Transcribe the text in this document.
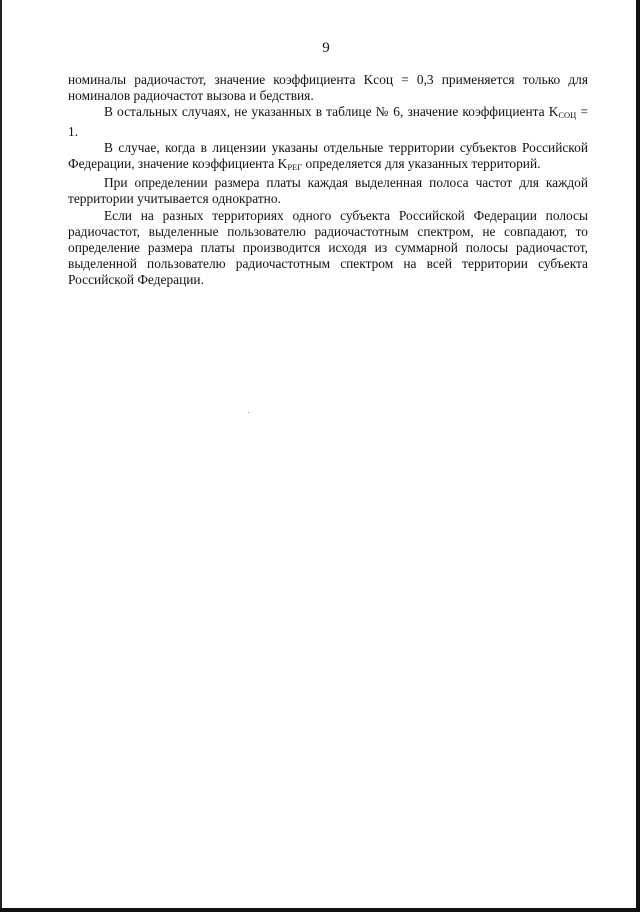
9

номиналы радиочастот, значение коэффициента Kсоц = 0,3 применяется только для номиналов радиочастот вызова и бедствия.

В остальных случаях, не указанных в таблице № 6, значение коэффициента $K_{СОЦ} = 1$.

В случае, когда в лицензии указаны отдельные территории субъектов Российской Федерации, значение коэффициента $K_{РЕГ}$ определяется для указанных территорий.

При определении размера платы каждая выделенная полоса частот для каждой территории учитывается однократно.

Если на разных территориях одного субъекта Российской Федерации полосы радиочастот, выделенные пользователю радиочастотным спектром, не совпадают, то определение размера платы производится исходя из суммарной полосы радиочастот, выделенной пользователю радиочастотным спектром на всей территории субъекта Российской Федерации.
